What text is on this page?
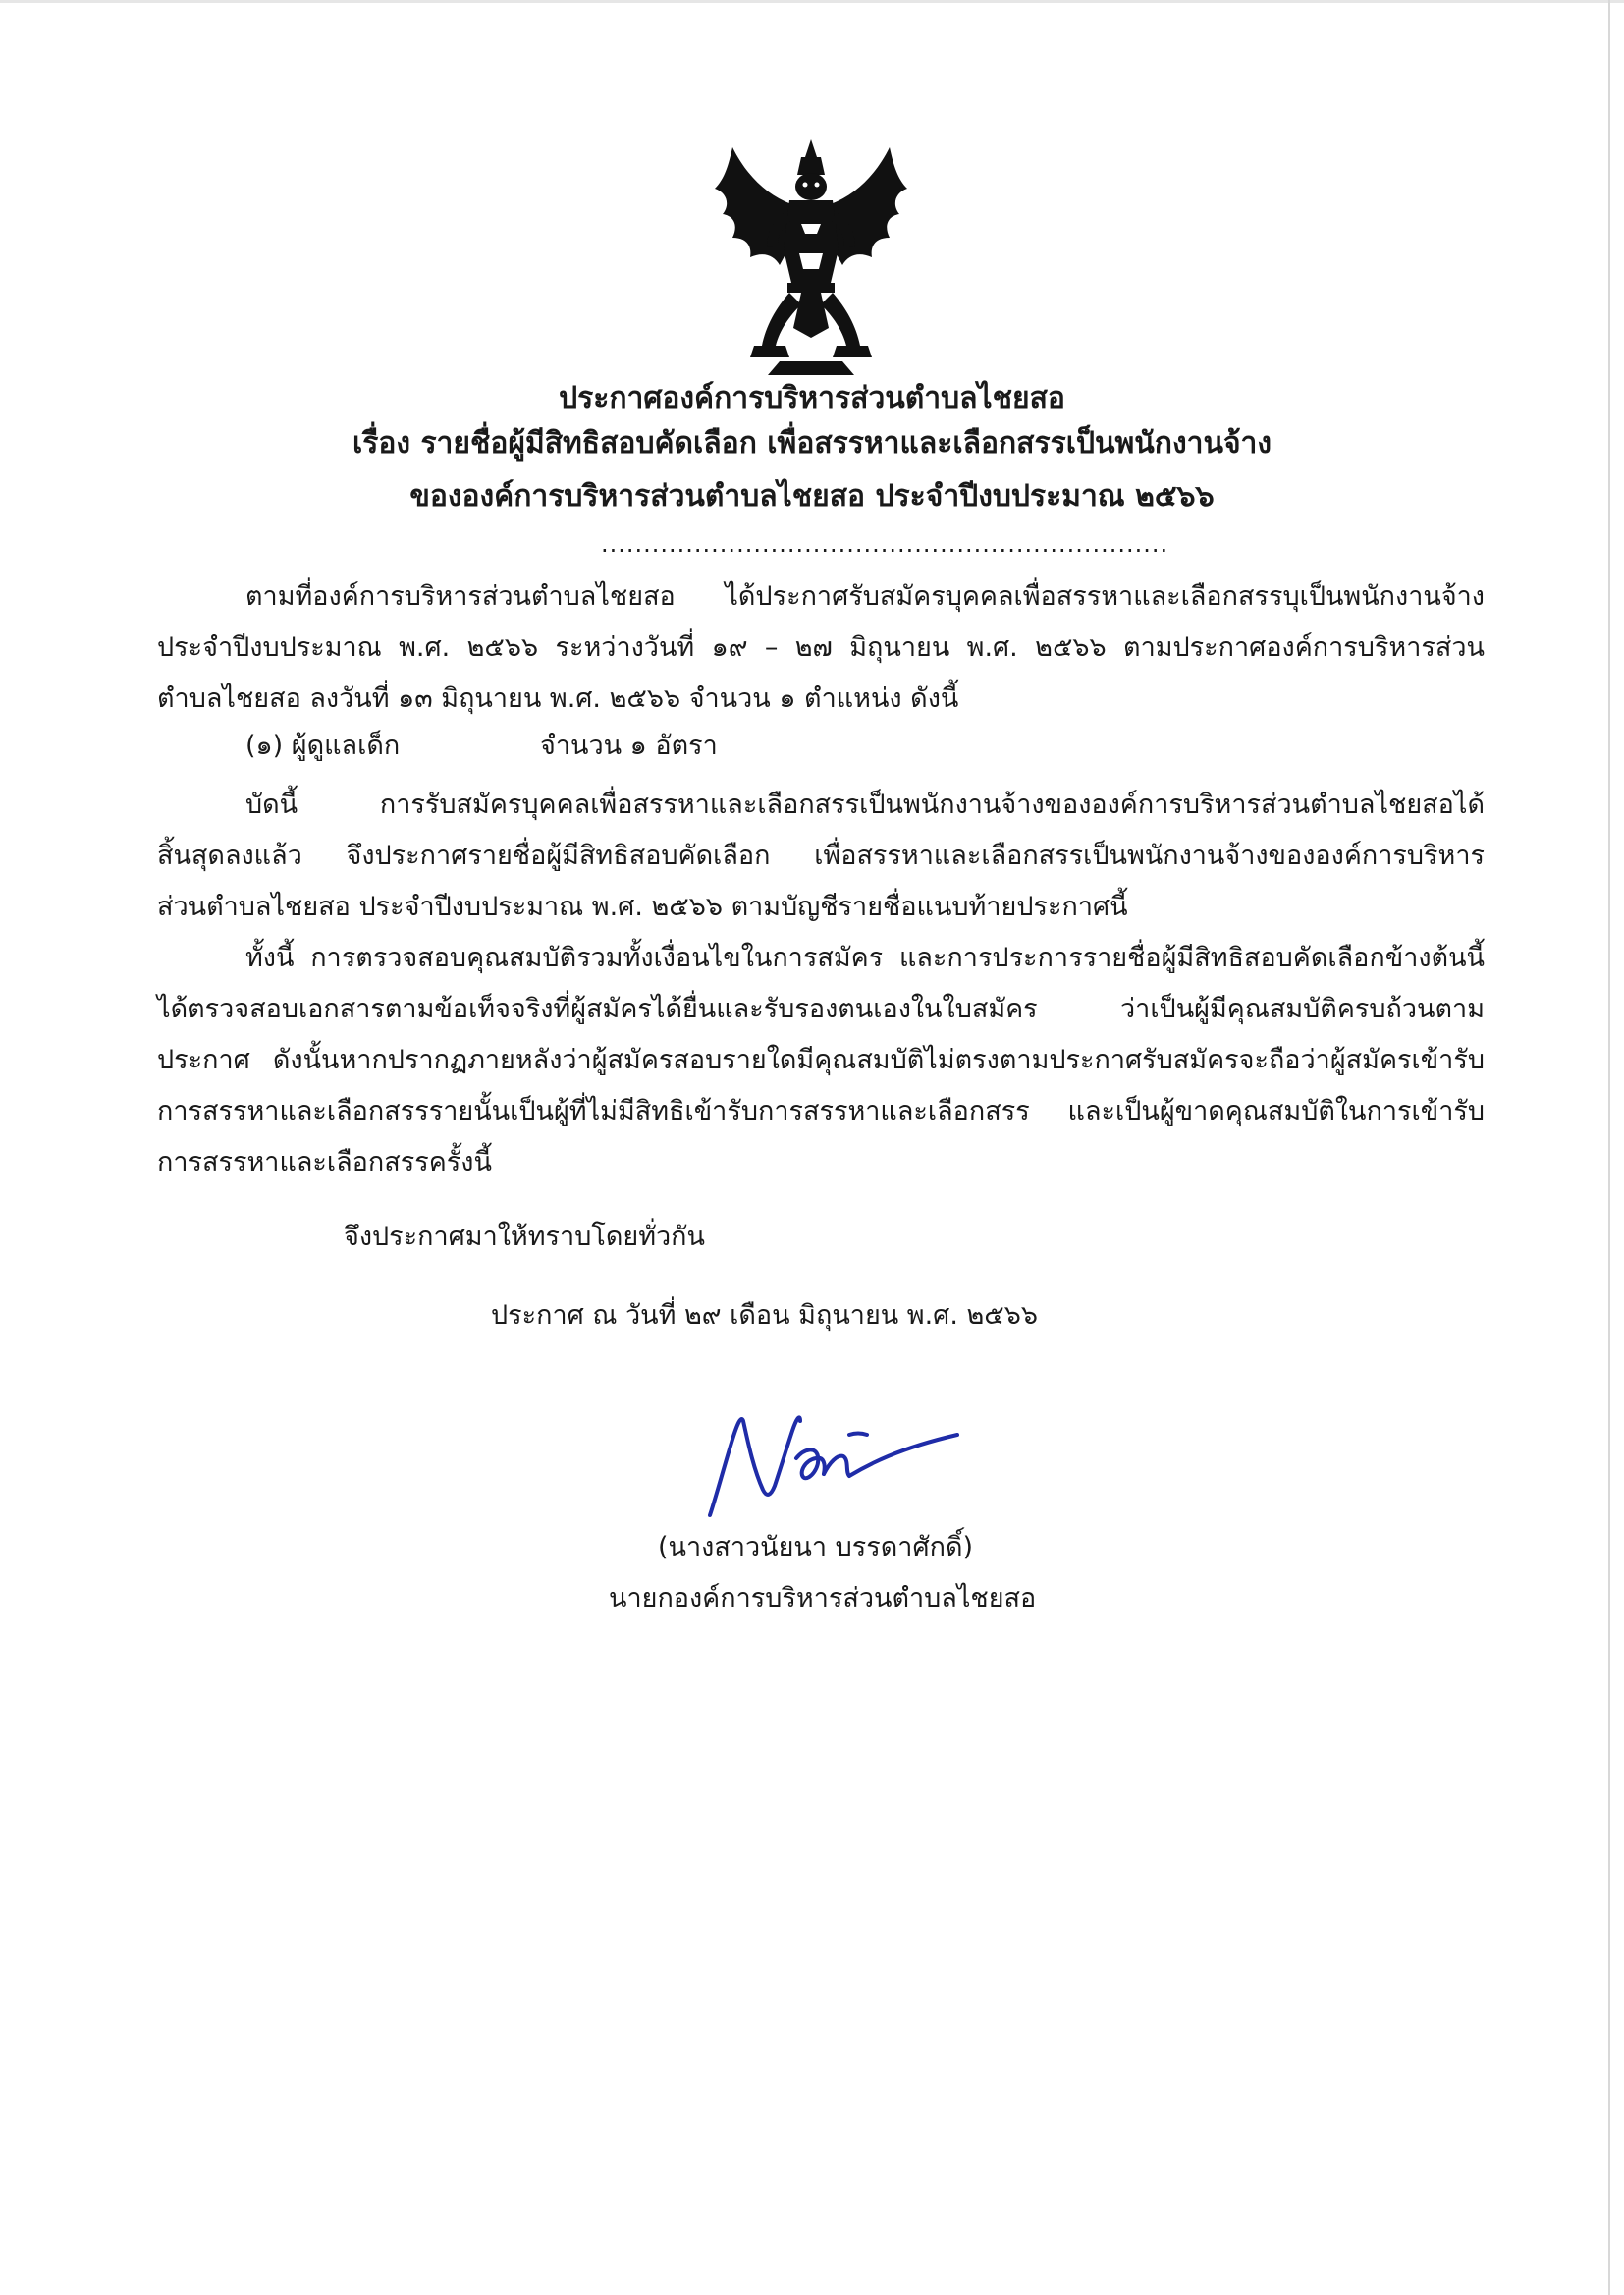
ประกาศองค์การบริหารส่วนตำบลไชยสอ
เรื่อง รายชื่อผู้มีสิทธิสอบคัดเลือก เพื่อสรรหาและเลือกสรรเป็นพนักงานจ้าง
ขององค์การบริหารส่วนตำบลไชยสอ ประจำปีงบประมาณ ๒๕๖๖
...................................................................
ตามที่องค์การบริหารส่วนตำบลไชยสอ ได้ประกาศรับสมัครบุคคลเพื่อสรรหาและเลือกสรรบุเป็นพนักงานจ้าง
ประจำปีงบประมาณ พ.ศ. ๒๕๖๖ ระหว่างวันที่ ๑๙ – ๒๗ มิถุนายน พ.ศ. ๒๕๖๖ ตามประกาศองค์การบริหารส่วน
ตำบลไชยสอ ลงวันที่ ๑๓ มิถุนายน พ.ศ. ๒๕๖๖ จำนวน ๑ ตำแหน่ง ดังนี้
(๑) ผู้ดูแลเด็ก	จำนวน ๑ อัตรา
บัดนี้ การรับสมัครบุคคลเพื่อสรรหาและเลือกสรรเป็นพนักงานจ้างขององค์การบริหารส่วนตำบลไชยสอได้
สิ้นสุดลงแล้ว จึงประกาศรายชื่อผู้มีสิทธิสอบคัดเลือก เพื่อสรรหาและเลือกสรรเป็นพนักงานจ้างขององค์การบริหาร
ส่วนตำบลไชยสอ ประจำปีงบประมาณ พ.ศ. ๒๕๖๖ ตามบัญชีรายชื่อแนบท้ายประกาศนี้
ทั้งนี้ การตรวจสอบคุณสมบัติรวมทั้งเงื่อนไขในการสมัคร และการประการรายชื่อผู้มีสิทธิสอบคัดเลือกข้างต้นนี้
ได้ตรวจสอบเอกสารตามข้อเท็จจริงที่ผู้สมัครได้ยื่นและรับรองตนเองในใบสมัคร ว่าเป็นผู้มีคุณสมบัติครบถ้วนตาม
ประกาศ ดังนั้นหากปรากฏภายหลังว่าผู้สมัครสอบรายใดมีคุณสมบัติไม่ตรงตามประกาศรับสมัครจะถือว่าผู้สมัครเข้ารับ
การสรรหาและเลือกสรรรายนั้นเป็นผู้ที่ไม่มีสิทธิเข้ารับการสรรหาและเลือกสรร และเป็นผู้ขาดคุณสมบัติในการเข้ารับ
การสรรหาและเลือกสรรครั้งนี้
จึงประกาศมาให้ทราบโดยทั่วกัน
ประกาศ ณ วันที่ ๒๙ เดือน มิถุนายน พ.ศ. ๒๕๖๖
(นางสาวนัยนา บรรดาศักดิ์)
นายกองค์การบริหารส่วนตำบลไชยสอ
